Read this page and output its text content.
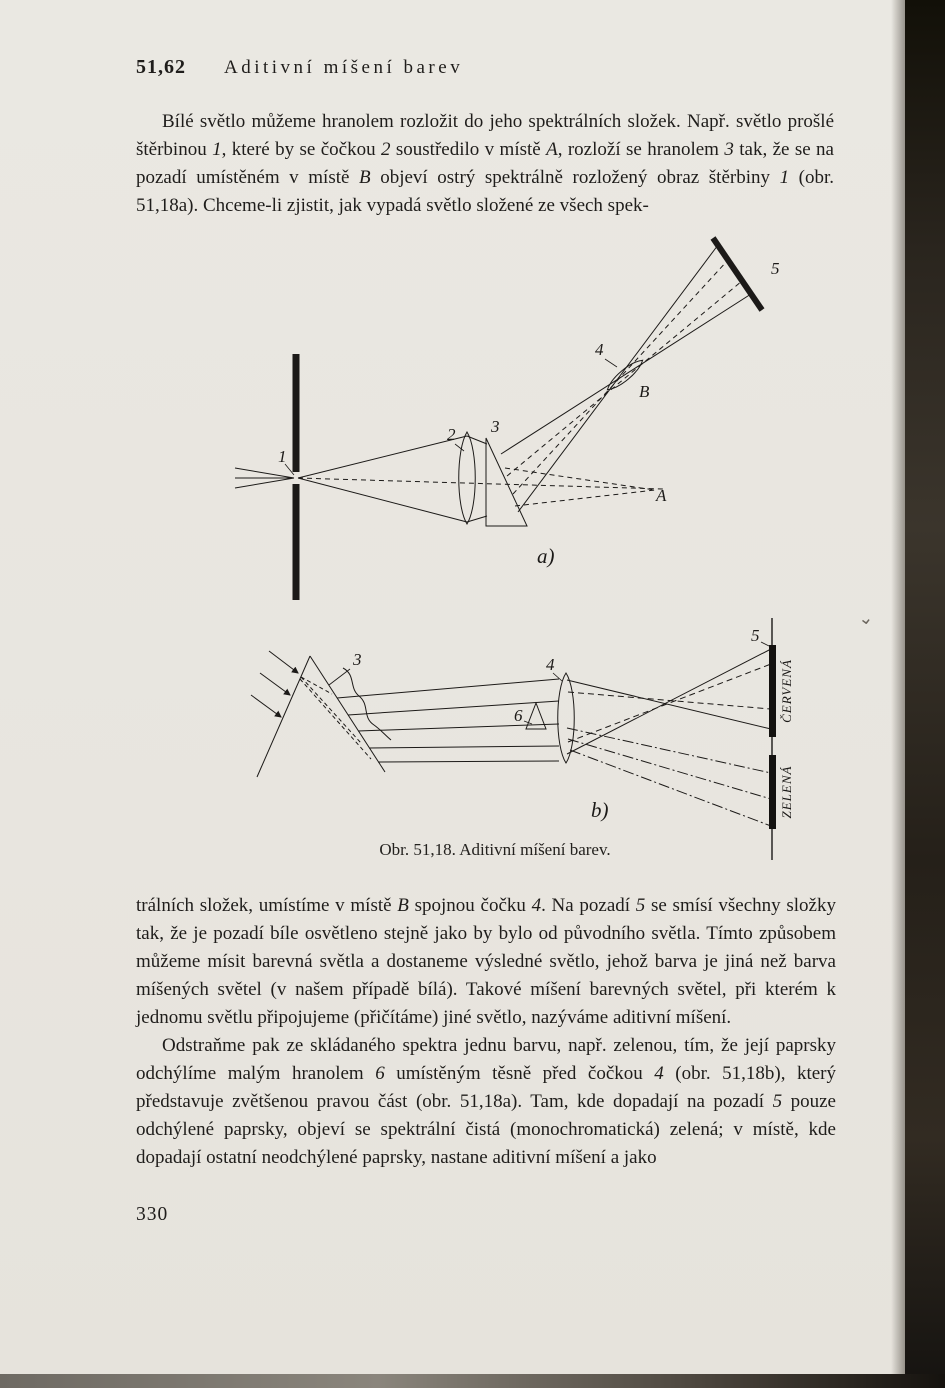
51,62 Aditivní míšení barev

Bílé světlo můžeme hranolem rozložit do jeho spektrálních složek. Např. světlo prošlé štěrbinou 1, které by se čočkou 2 soustředilo v místě A, rozloží se hranolem 3 tak, že se na pozadí umístěném v místě B objeví ostrý spektrálně rozložený obraz štěrbiny 1 (obr. 51,18a). Chceme-li zjistit, jak vypadá světlo složené ze všech spek-

1
2 3
4
5
A
B
a)
3	4
6
5
ČERVENÁ
ZELENÁ
b)
Obr. 51,18. Aditivní míšení barev.

trálních složek, umístíme v místě B spojnou čočku 4. Na pozadí 5 se smísí všechny složky tak, že je pozadí bíle osvětleno stejně jako by bylo od původního světla. Tímto způsobem můžeme mísit barevná světla a dostaneme výsledné světlo, jehož barva je jiná než barva míšených světel (v našem případě bílá). Takové míšení barevných světel, při kterém k jednomu světlu připojujeme (přičítáme) jiné světlo, nazýváme aditivní míšení.

Odstraňme pak ze skládaného spektra jednu barvu, např. zelenou, tím, že její paprsky odchýlíme malým hranolem 6 umístěným těsně před čočkou 4 (obr. 51,18b), který představuje zvětšenou pravou část (obr. 51,18a). Tam, kde dopadají na pozadí 5 pouze odchýlené paprsky, objeví se spektrální čistá (monochromatická) zelená; v místě, kde dopadají ostatní neodchýlené paprsky, nastane aditivní míšení a jako

330
⌄
